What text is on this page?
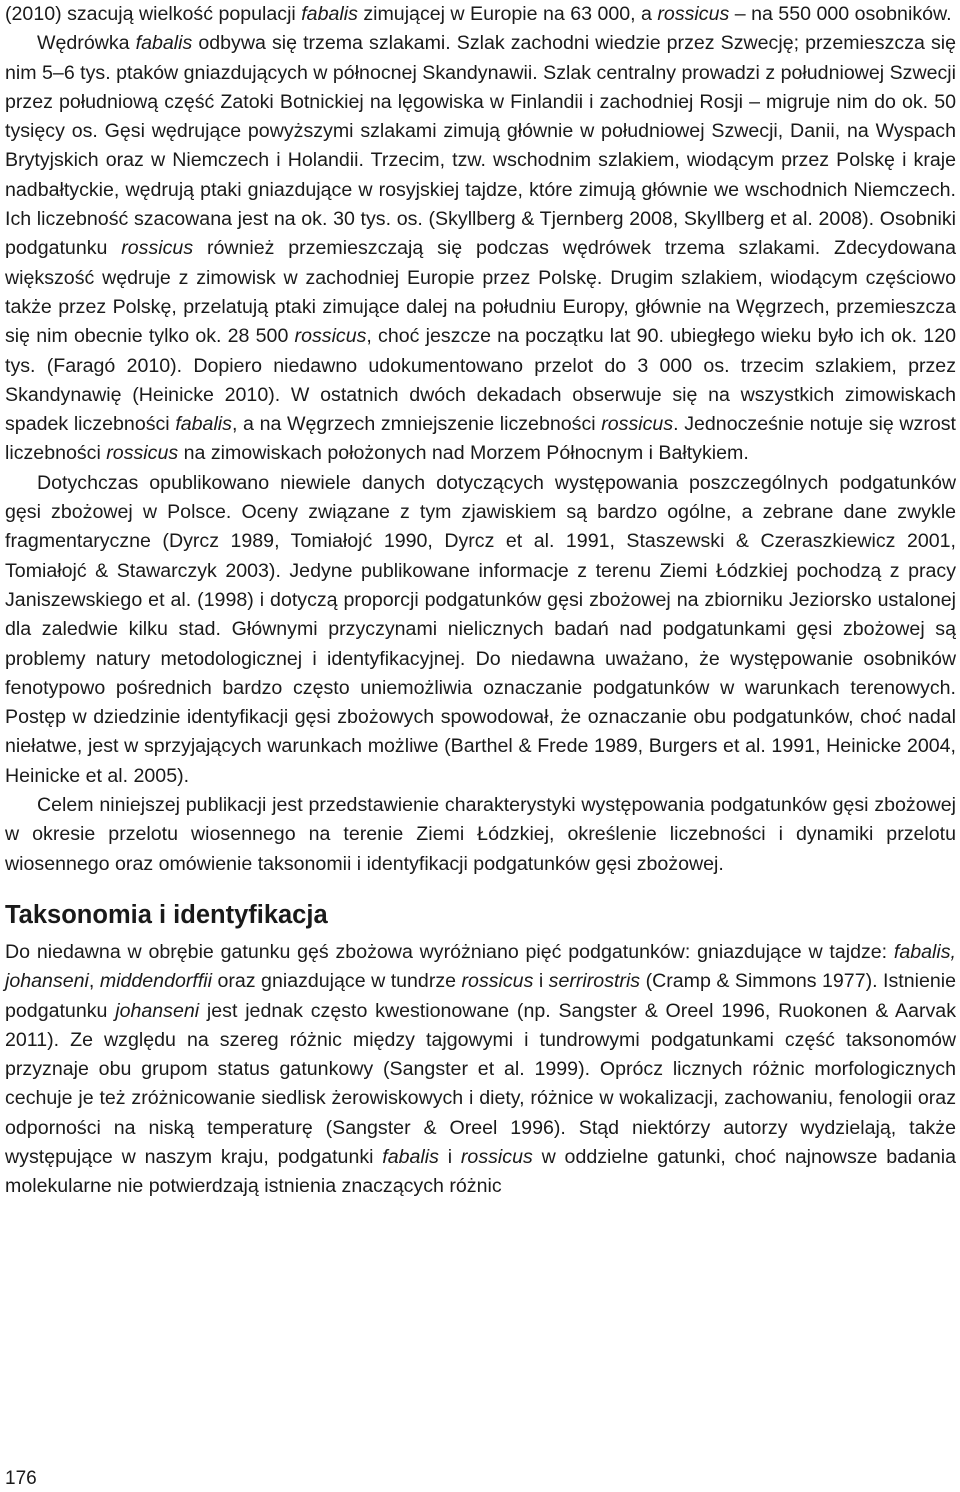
(2010) szacują wielkość populacji fabalis zimującej w Europie na 63 000, a rossicus – na 550 000 osobników.

Wędrówka fabalis odbywa się trzema szlakami. Szlak zachodni wiedzie przez Szwecję; przemieszcza się nim 5–6 tys. ptaków gniazdujących w północnej Skandynawii. Szlak centralny prowadzi z południowej Szwecji przez południową część Zatoki Botnickiej na lęgowiska w Finlandii i zachodniej Rosji – migruje nim do ok. 50 tysięcy os. Gęsi wędrujące powyższymi szlakami zimują głównie w południowej Szwecji, Danii, na Wyspach Brytyjskich oraz w Niemczech i Holandii. Trzecim, tzw. wschodnim szlakiem, wiodącym przez Polskę i kraje nadbałtyckie, wędrują ptaki gniazdujące w rosyjskiej tajdze, które zimują głównie we wschodnich Niemczech. Ich liczebność szacowana jest na ok. 30 tys. os. (Skyllberg & Tjernberg 2008, Skyllberg et al. 2008). Osobniki podgatunku rossicus również przemieszczają się podczas wędrówek trzema szlakami. Zdecydowana większość wędruje z zimowisk w zachodniej Europie przez Polskę. Drugim szlakiem, wiodącym częściowo także przez Polskę, przelatują ptaki zimujące dalej na południu Europy, głównie na Węgrzech, przemieszcza się nim obecnie tylko ok. 28 500 rossicus, choć jeszcze na początku lat 90. ubiegłego wieku było ich ok. 120 tys. (Faragó 2010). Dopiero niedawno udokumentowano przelot do 3 000 os. trzecim szlakiem, przez Skandynawię (Heinicke 2010). W ostatnich dwóch dekadach obserwuje się na wszystkich zimowiskach spadek liczebności fabalis, a na Węgrzech zmniejszenie liczebności rossicus. Jednocześnie notuje się wzrost liczebności rossicus na zimowiskach położonych nad Morzem Północnym i Bałtykiem.

Dotychczas opublikowano niewiele danych dotyczących występowania poszczególnych podgatunków gęsi zbożowej w Polsce. Oceny związane z tym zjawiskiem są bardzo ogólne, a zebrane dane zwykle fragmentaryczne (Dyrcz 1989, Tomiałojć 1990, Dyrcz et al. 1991, Staszewski & Czeraszkiewicz 2001, Tomiałojć & Stawarczyk 2003). Jedyne publikowane informacje z terenu Ziemi Łódzkiej pochodzą z pracy Janiszewskiego et al. (1998) i dotyczą proporcji podgatunków gęsi zbożowej na zbiorniku Jeziorsko ustalonej dla zaledwie kilku stad. Głównymi przyczynami nielicznych badań nad podgatunkami gęsi zbożowej są problemy natury metodologicznej i identyfikacyjnej. Do niedawna uważano, że występowanie osobników fenotypowo pośrednich bardzo często uniemożliwia oznaczanie podgatunków w warunkach terenowych. Postęp w dziedzinie identyfikacji gęsi zbożowych spowodował, że oznaczanie obu podgatunków, choć nadal niełatwe, jest w sprzyjających warunkach możliwe (Barthel & Frede 1989, Burgers et al. 1991, Heinicke 2004, Heinicke et al. 2005).

Celem niniejszej publikacji jest przedstawienie charakterystyki występowania podgatunków gęsi zbożowej w okresie przelotu wiosennego na terenie Ziemi Łódzkiej, określenie liczebności i dynamiki przelotu wiosennego oraz omówienie taksonomii i identyfikacji podgatunków gęsi zbożowej.

Taksonomia i identyfikacja

Do niedawna w obrębie gatunku gęś zbożowa wyróżniano pięć podgatunków: gniazdujące w tajdze: fabalis, johanseni, middendorffii oraz gniazdujące w tundrze rossicus i serrirostris (Cramp & Simmons 1977). Istnienie podgatunku johanseni jest jednak często kwestionowane (np. Sangster & Oreel 1996, Ruokonen & Aarvak 2011). Ze względu na szereg różnic między tajgowymi i tundrowymi podgatunkami część taksonomów przyznaje obu grupom status gatunkowy (Sangster et al. 1999). Oprócz licznych różnic morfologicznych cechuje je też zróżnicowanie siedlisk żerowiskowych i diety, różnice w wokalizacji, zachowaniu, fenologii oraz odporności na niską temperaturę (Sangster & Oreel 1996). Stąd niektórzy autorzy wydzielają, także występujące w naszym kraju, podgatunki fabalis i rossicus w oddzielne gatunki, choć najnowsze badania molekularne nie potwierdzają istnienia znaczących różnic

176
